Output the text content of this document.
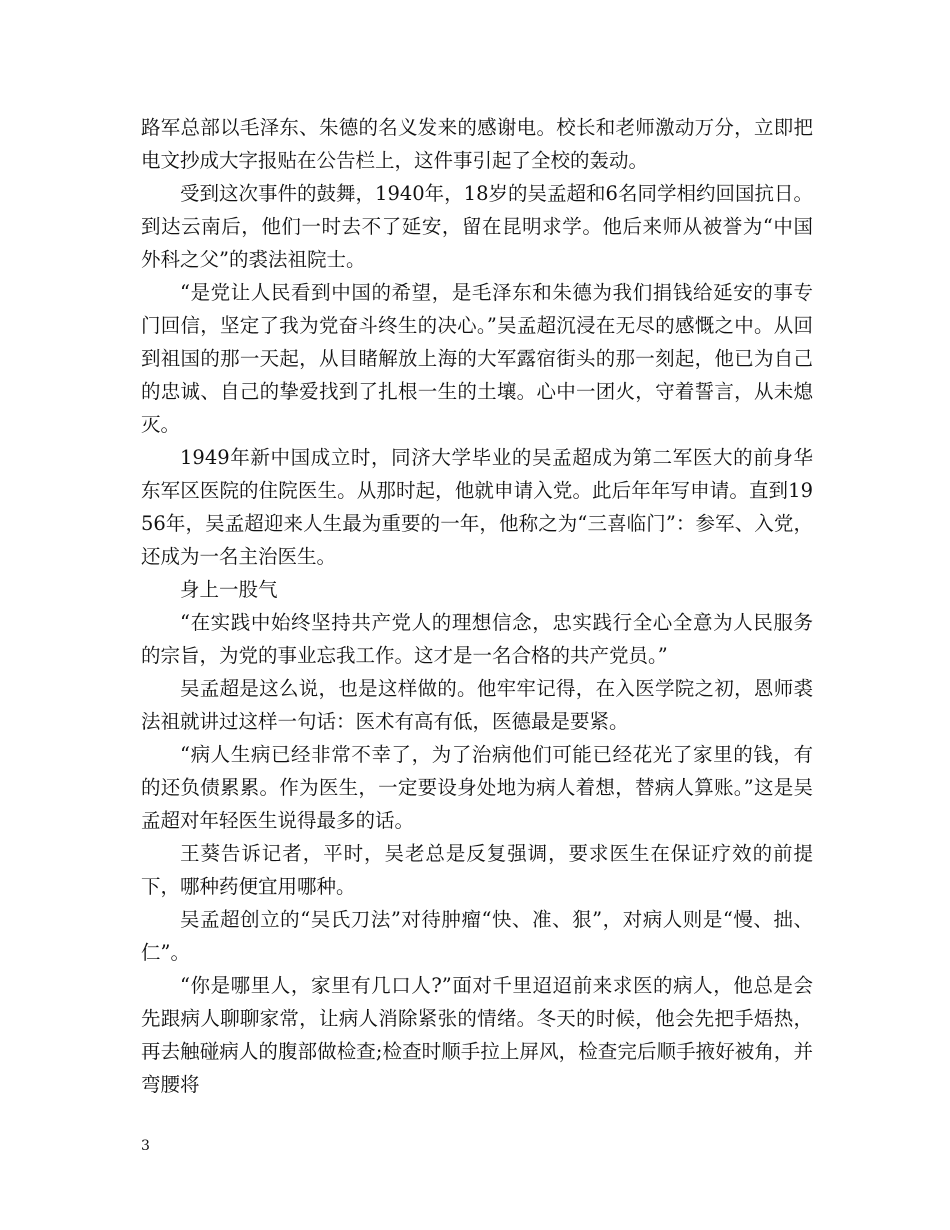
路军总部以毛泽东、朱德的名义发来的感谢电。校长和老师激动万分，立即把电文抄成大字报贴在公告栏上，这件事引起了全校的轰动。

受到这次事件的鼓舞，1940年，18岁的吴孟超和6名同学相约回国抗日。到达云南后，他们一时去不了延安，留在昆明求学。他后来师从被誉为“中国外科之父”的裘法祖院士。

“是党让人民看到中国的希望，是毛泽东和朱德为我们捐钱给延安的事专门回信，坚定了我为党奋斗终生的决心。”吴孟超沉浸在无尽的感慨之中。从回到祖国的那一天起，从目睹解放上海的大军露宿街头的那一刻起，他已为自己的忠诚、自己的挚爱找到了扎根一生的土壤。心中一团火，守着誓言，从未熄灭。

1949年新中国成立时，同济大学毕业的吴孟超成为第二军医大的前身华东军区医院的住院医生。从那时起，他就申请入党。此后年年写申请。直到1956年，吴孟超迎来人生最为重要的一年，他称之为“三喜临门”：参军、入党，还成为一名主治医生。

身上一股气

“在实践中始终坚持共产党人的理想信念，忠实践行全心全意为人民服务的宗旨，为党的事业忘我工作。这才是一名合格的共产党员。”

吴孟超是这么说，也是这样做的。他牢牢记得，在入医学院之初，恩师裘法祖就讲过这样一句话：医术有高有低，医德最是要紧。

“病人生病已经非常不幸了，为了治病他们可能已经花光了家里的钱，有的还负债累累。作为医生，一定要设身处地为病人着想，替病人算账。”这是吴孟超对年轻医生说得最多的话。

王葵告诉记者，平时，吴老总是反复强调，要求医生在保证疗效的前提下，哪种药便宜用哪种。

吴孟超创立的“吴氏刀法”对待肿瘤“快、准、狠”，对病人则是“慢、拙、仁”。

“你是哪里人，家里有几口人?”面对千里迢迢前来求医的病人，他总是会先跟病人聊聊家常，让病人消除紧张的情绪。冬天的时候，他会先把手焐热，再去触碰病人的腹部做检查;检查时顺手拉上屏风，检查完后顺手掖好被角，并弯腰将

3
